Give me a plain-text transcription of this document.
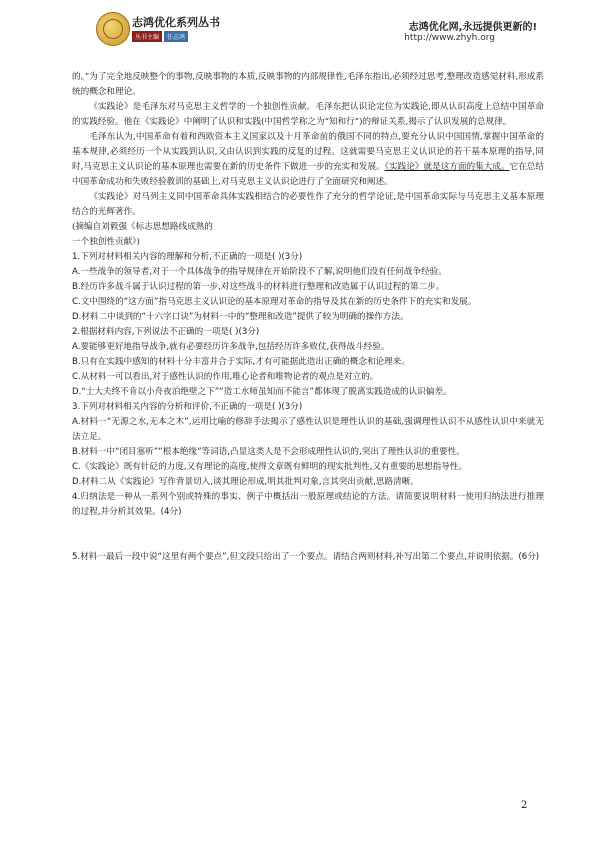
志鸿优化系列丛书
丛书主编 任志鸿
志鸿优化网,永远提供更新的!
http://www.zhyh.org

的。”为了完全地反映整个的事物,反映事物的本质,反映事物的内部规律性,毛泽东指出,必须经过思考,整理改造感觉材料,形成系统的概念和理论。

《实践论》是毛泽东对马克思主义哲学的一个独创性贡献。毛泽东把认识论定位为实践论,即从认识高度上总结中国革命的实践经验。他在《实践论》中阐明了认识和实践(中国哲学称之为“知和行”)的辩证关系,揭示了认识发展的总规律。

毛泽东认为,中国革命有着和西欧资本主义国家以及十月革命前的俄国不同的特点,要充分认识中国国情,掌握中国革命的基本规律,必须经历一个从实践到认识,又由认识到实践的反复的过程。这就需要马克思主义认识论的若干基本原理的指导,同时,马克思主义认识论的基本原理也需要在新的历史条件下做进一步的充实和发展。《实践论》就是这方面的集大成。它在总结中国革命成功和失败经验教训的基础上,对马克思主义认识论进行了全面研究和阐述。

《实践论》对马列主义同中国革命具体实践相结合的必要性作了充分的哲学论证,是中国革命实际与马克思主义基本原理结合的光辉著作。

(摘编自刘毅强《标志思想路线成熟的

一个独创性贡献》)

1.下列对材料相关内容的理解和分析,不正确的一项是( )(3分)

A.一些战争的领导者,对于一个具体战争的指导规律在开始阶段不了解,说明他们没有任何战争经验。

B.经历许多战斗属于认识过程的第一步,对这些战斗的材料进行整理和改造属于认识过程的第二步。

C.文中围绕的“这方面”指马克思主义认识论的基本原理对革命的指导及其在新的历史条件下的充实和发展。

D.材料二中谈到的“十六字口诀”为材料一中的“整理和改造”提供了较为明确的操作方法。

2.根据材料内容,下列说法不正确的一项是( )(3分)

A.要能够更好地指导战争,就有必要经历许多战争,包括经历许多败仗,获得战斗经验。

B.只有在实践中感知的材料十分丰富并合于实际,才有可能据此造出正确的概念和论理来。

C.从材料一可以看出,对于感性认识的作用,唯心论者和唯物论者的观点是对立的。

D.“士大夫终不肯以小舟夜泊绝壁之下”“造工水师虽知而不能言”都体现了脱离实践造成的认识偏差。

3.下列对材料相关内容的分析和评价,不正确的一项是( )(3分)

A.材料一“无源之水,无本之木”,运用比喻的修辞手法揭示了感性认识是理性认识的基础,强调理性认识不从感性认识中来就无法立足。

B.材料一中“闭目塞听”“根本绝缘”等词语,凸显这类人是不会形成理性认识的,突出了理性认识的重要性。

C.《实践论》既有针砭的力度,又有理论的高度,使得文章既有鲜明的现实批判性,又有重要的思想指导性。

D.材料二从《实践论》写作背景切入,谈其理论形成,明其批判对象,言其突出贡献,思路清晰。

4.归纳法是一种从一系列个别或特殊的事实、例子中概括出一般原理或结论的方法。请简要说明材料一使用归纳法进行推理的过程,并分析其效果。(4分)

5.材料一最后一段中说“这里有两个要点”,但文段只给出了一个要点。请结合两则材料,补写出第二个要点,并说明依据。(6分)

2
